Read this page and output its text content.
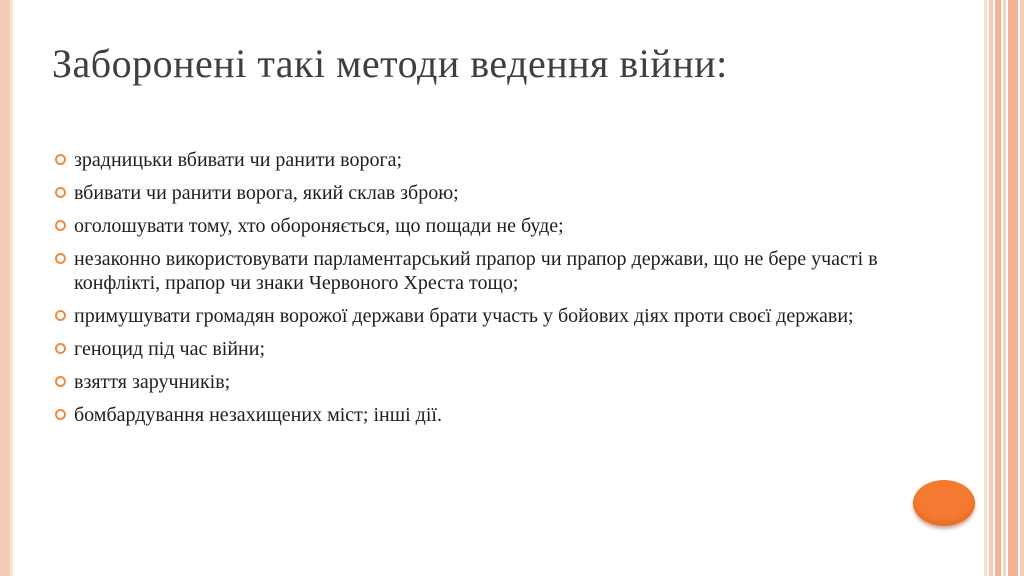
Заборонені такі методи ведення війни:
зрадницьки вбивати чи ранити ворога;
вбивати чи ранити ворога, який склав зброю;
оголошувати тому, хто обороняється, що пощади не буде;
незаконно використовувати парламентарський прапор чи прапор держави, що не бере участі в конфлікті, прапор чи знаки Червоного Хреста тощо;
примушувати громадян ворожої держави брати участь у бойових діях проти своєї держави;
геноцид під час війни;
взяття заручників;
бомбардування незахищених міст; інші дії.
